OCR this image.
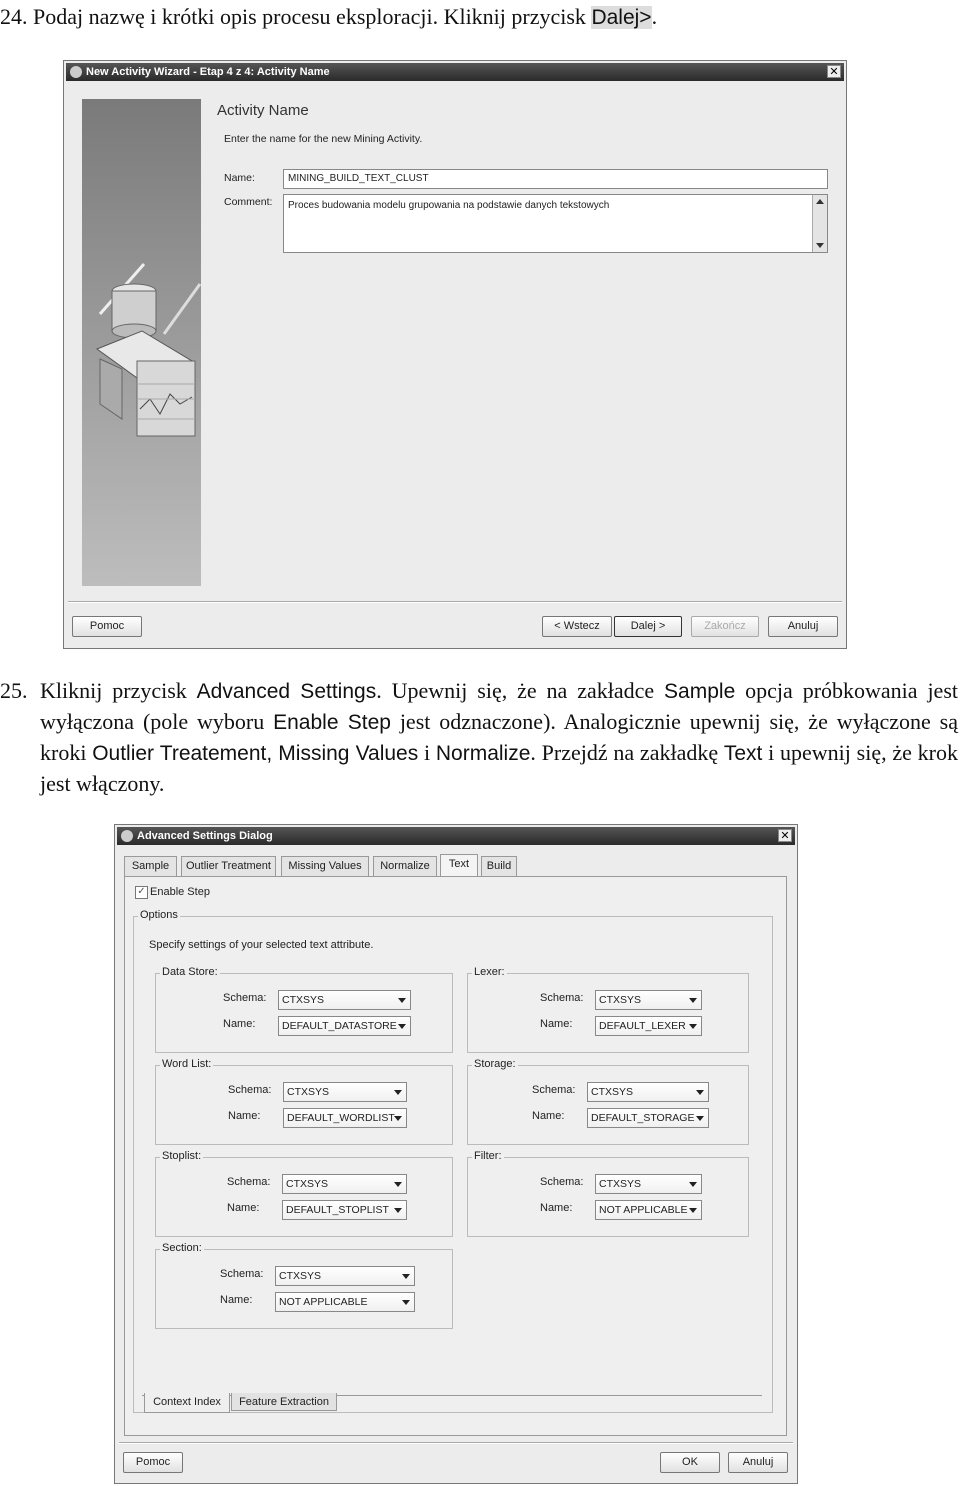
24. Podaj nazwę i krótki opis procesu eksploracji. Kliknij przycisk Dalej>.
New Activity Wizard - Etap 4 z 4: Activity Name	✕
Activity Name
Enter the name for the new Mining Activity.
Name:	MINING_BUILD_TEXT_CLUST
Comment: Proces budowania modelu grupowania na podstawie danych tekstowych
Pomoc	< Wstecz	Dalej >	Zakończ	Anuluj
25. Kliknij przycisk Advanced Settings. Upewnij się, że na zakładce Sample opcja próbkowania jest wyłączona (pole wyboru Enable Step jest odznaczone). Analogicznie upewnij się, że wyłączone są kroki Outlier Treatement, Missing Values i Normalize. Przejdź na zakładkę Text i upewnij się, że krok jest włączony.
Advanced Settings Dialog	✕
Sample	Outlier Treatment	Missing Values	Normalize	Text	Build
✓ Enable Step
Options
Specify settings of your selected text attribute.
Data Store:
Schema:	CTXSYS
Name:	DEFAULT_DATASTORE
Lexer:
Schema:	CTXSYS
Name:	DEFAULT_LEXER
Word List:
Schema:	CTXSYS
Name:	DEFAULT_WORDLIST
Storage:
Schema:	CTXSYS
Name:	DEFAULT_STORAGE
Stoplist:
Schema:	CTXSYS
Name:	DEFAULT_STOPLIST
Filter:
Schema:	CTXSYS
Name:	NOT APPLICABLE
Section:
Schema:	CTXSYS
Name:	NOT APPLICABLE
Context Index	Feature Extraction
Pomoc	OK	Anuluj
